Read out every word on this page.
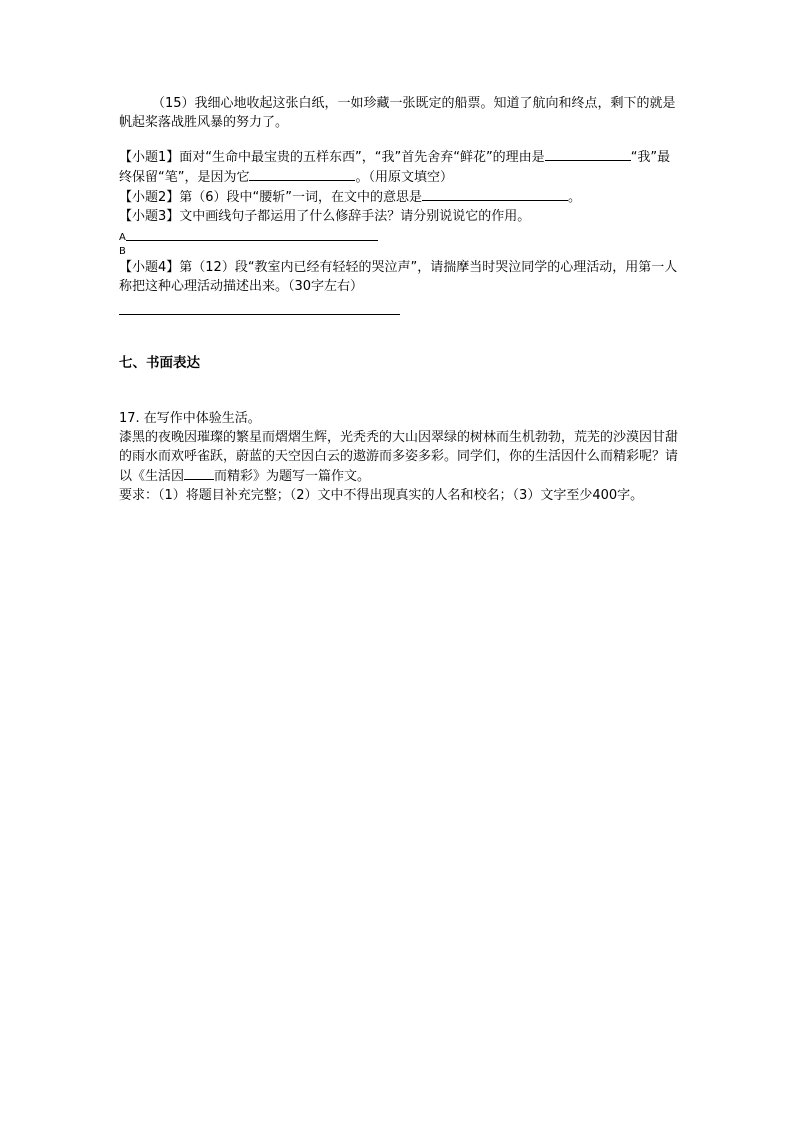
（15）我细心地收起这张白纸，一如珍藏一张既定的船票。知道了航向和终点，剩下的就是帆起桨落战胜风暴的努力了。

【小题1】面对“生命中最宝贵的五样东西”，“我”首先舍弃“鲜花”的理由是	“我”最终保留“笔”，是因为它	。（用原文填空）

【小题2】第（6）段中“腰斩”一词，在文中的意思是	。

【小题3】文中画线句子都运用了什么修辞手法？请分别说说它的作用。

A
B

【小题4】第（12）段“教室内已经有轻轻的哭泣声”，请揣摩当时哭泣同学的心理活动，用第一人称把这种心理活动描述出来。（30字左右）

七、书面表达

17. 在写作中体验生活。

漆黑的夜晚因璀璨的繁星而熠熠生辉，光秃秃的大山因翠绿的树林而生机勃勃，荒芜的沙漠因甘甜的雨水而欢呼雀跃，蔚蓝的天空因白云的遨游而多姿多彩。同学们，你的生活因什么而精彩呢？请以《生活因 而精彩》为题写一篇作文。

要求：（1）将题目补充完整；（2）文中不得出现真实的人名和校名；（3）文字至少400字。
